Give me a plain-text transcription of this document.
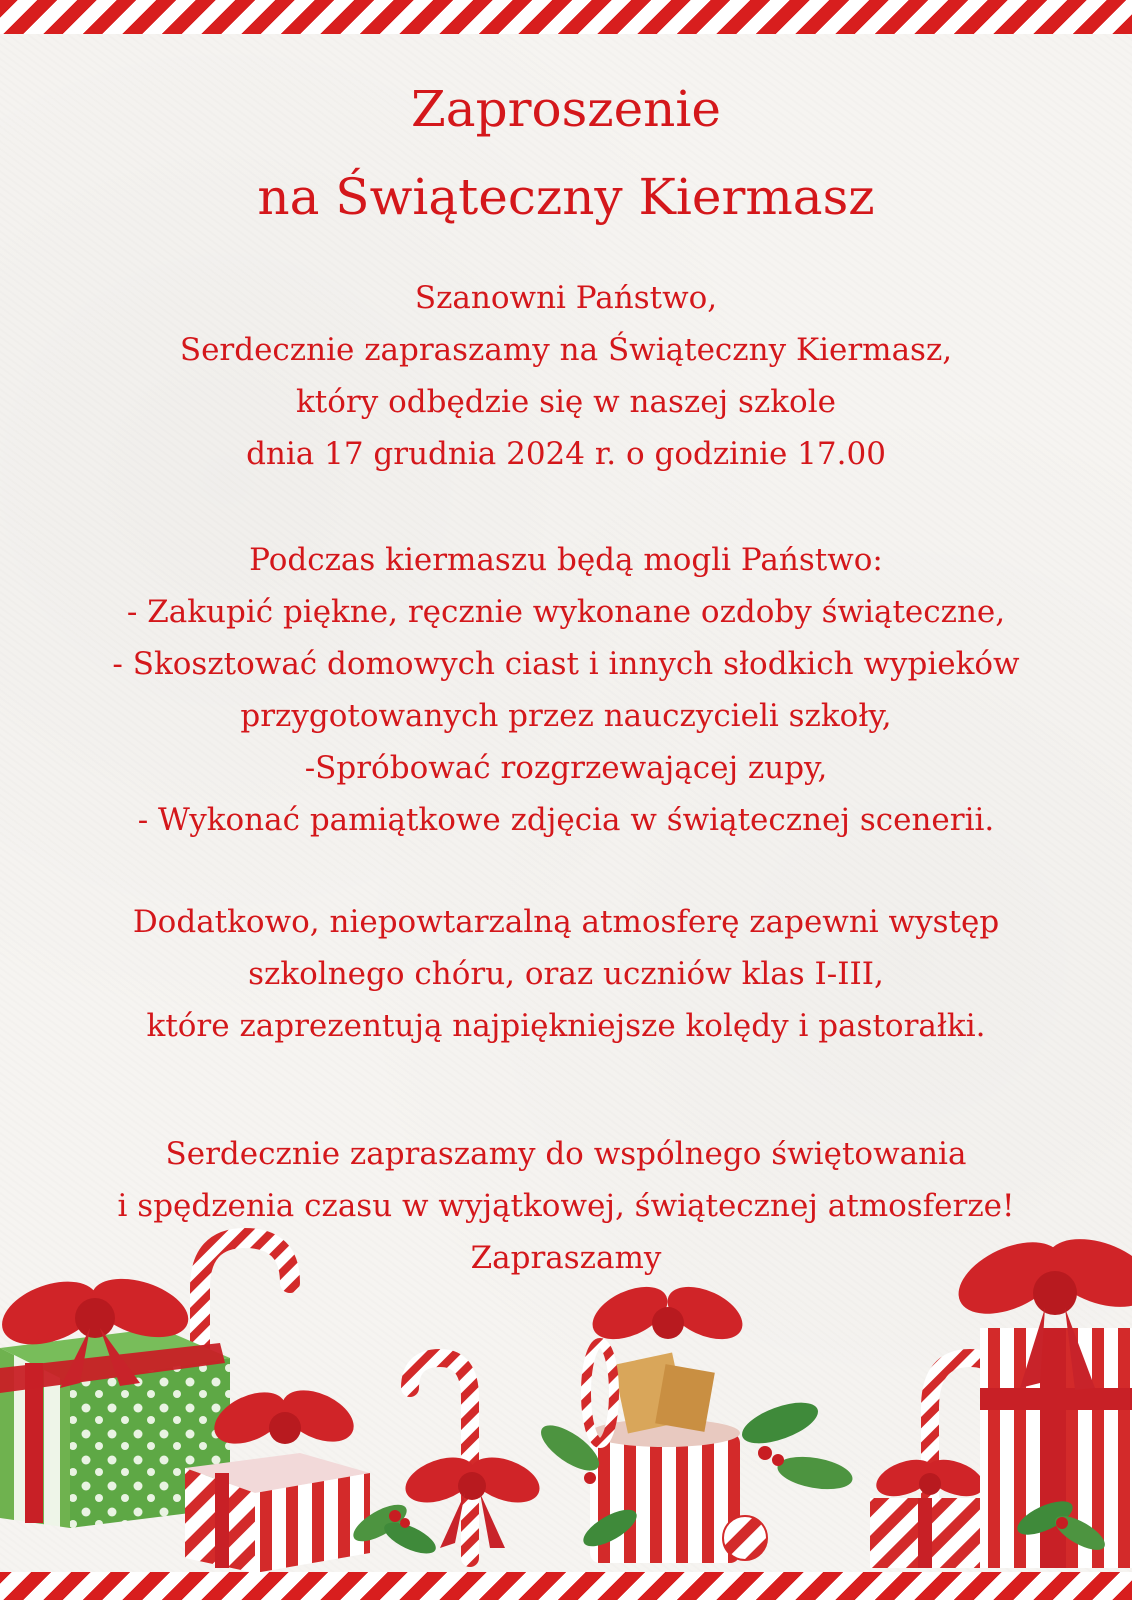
Zaproszenie
na Świąteczny Kiermasz
Szanowni Państwo,
Serdecznie zapraszamy na Świąteczny Kiermasz,
który odbędzie się w naszej szkole
dnia 17 grudnia 2024 r. o godzinie 17.00
Podczas kiermaszu będą mogli Państwo:
- Zakupić piękne, ręcznie wykonane ozdoby świąteczne,
- Skosztować domowych ciast i innych słodkich wypieków
przygotowanych przez nauczycieli szkoły,
-Spróbować rozgrzewającej zupy,
- Wykonać pamiątkowe zdjęcia w świątecznej scenerii.
Dodatkowo, niepowtarzalną atmosferę zapewni występ
szkolnego chóru, oraz uczniów klas I-III,
które zaprezentują najpiękniejsze kolędy i pastorałki.
Serdecznie zapraszamy do wspólnego świętowania
i spędzenia czasu w wyjątkowej, świątecznej atmosferze!
Zapraszamy
